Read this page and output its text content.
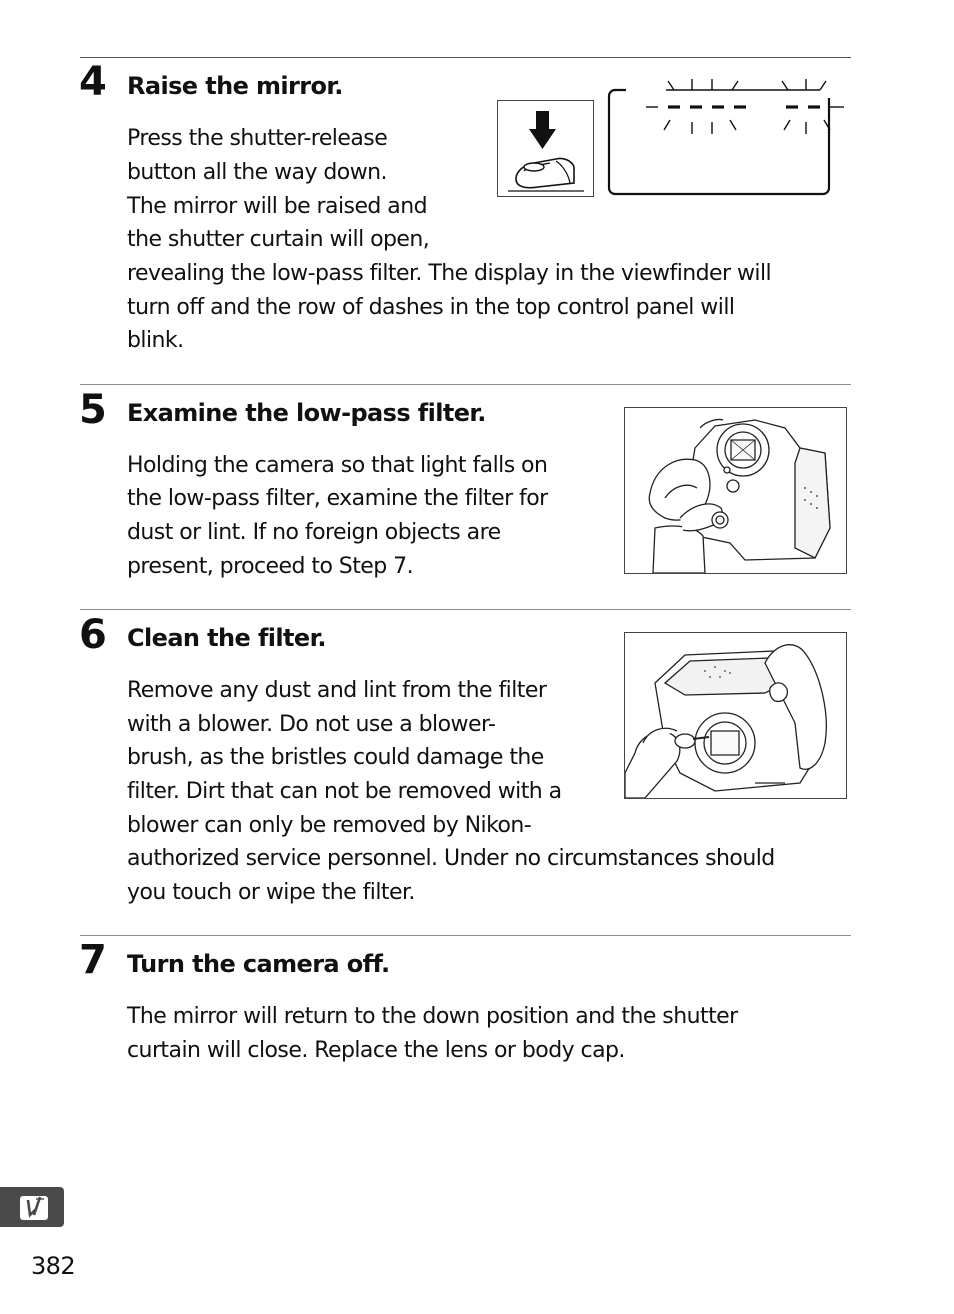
4 Raise the mirror.
Press the shutter-release
button all the way down.
The mirror will be raised and
the shutter curtain will open,
revealing the low-pass filter. The display in the viewfinder will
turn off and the row of dashes in the top control panel will
blink.
5 Examine the low-pass filter.
Holding the camera so that light falls on
the low-pass filter, examine the filter for
dust or lint. If no foreign objects are
present, proceed to Step 7.
6 Clean the filter.
Remove any dust and lint from the filter
with a blower. Do not use a blower-
brush, as the bristles could damage the
filter. Dirt that can not be removed with a
blower can only be removed by Nikon-
authorized service personnel. Under no circumstances should
you touch or wipe the filter.
7 Turn the camera off.
The mirror will return to the down position and the shutter
curtain will close. Replace the lens or body cap.
382
